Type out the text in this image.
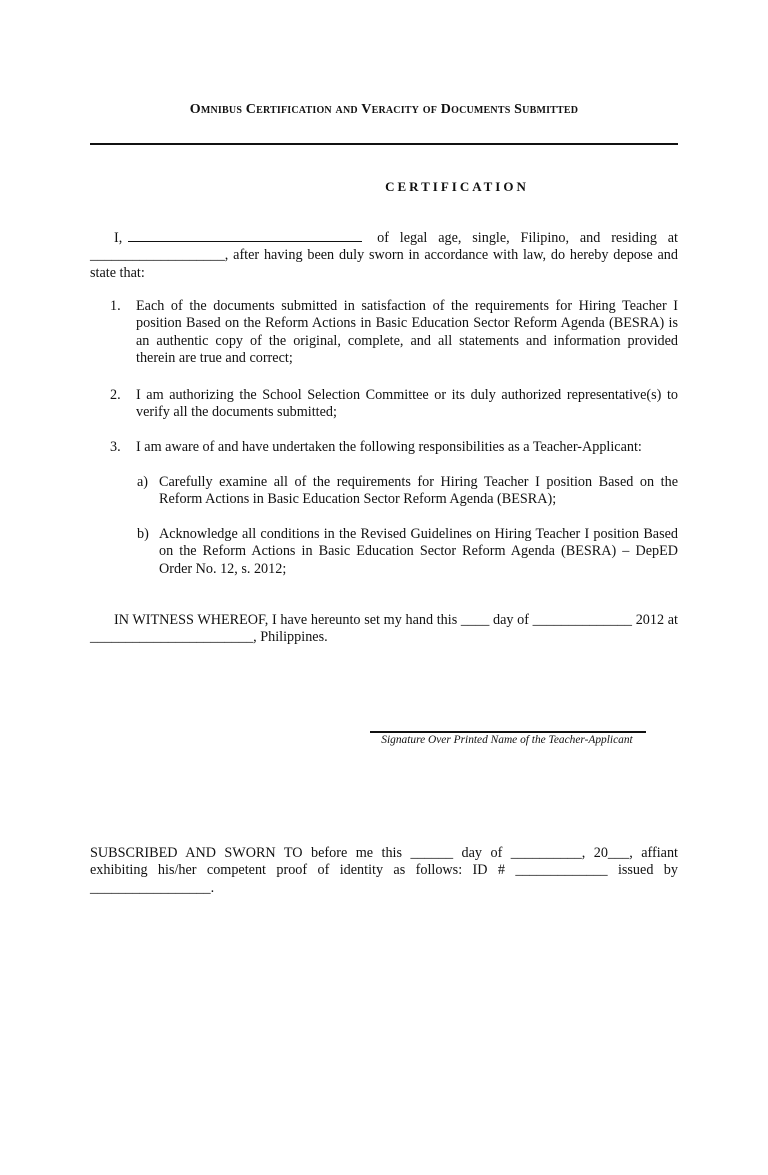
Omnibus Certification and Veracity of Documents Submitted
CERTIFICATION
I,	of legal age, single, Filipino, and residing at ___________________, after having been duly sworn in accordance with law, do hereby depose and state that:
1. Each of the documents submitted in satisfaction of the requirements for Hiring Teacher I position Based on the Reform Actions in Basic Education Sector Reform Agenda (BESRA) is an authentic copy of the original, complete, and all statements and information provided therein are true and correct;
2. I am authorizing the School Selection Committee or its duly authorized representative(s) to verify all the documents submitted;
3. I am aware of and have undertaken the following responsibilities as a Teacher-Applicant:
a) Carefully examine all of the requirements for Hiring Teacher I position Based on the Reform Actions in Basic Education Sector Reform Agenda (BESRA);
b) Acknowledge all conditions in the Revised Guidelines on Hiring Teacher I position Based on the Reform Actions in Basic Education Sector Reform Agenda (BESRA) – DepED Order No. 12, s. 2012;
IN WITNESS WHEREOF, I have hereunto set my hand this ____ day of ______________ 2012 at _______________________, Philippines.
Signature Over Printed Name of the Teacher-Applicant
SUBSCRIBED AND SWORN TO before me this ______ day of __________, 20___, affiant exhibiting his/her competent proof of identity as follows: ID # _____________ issued by _________________.
